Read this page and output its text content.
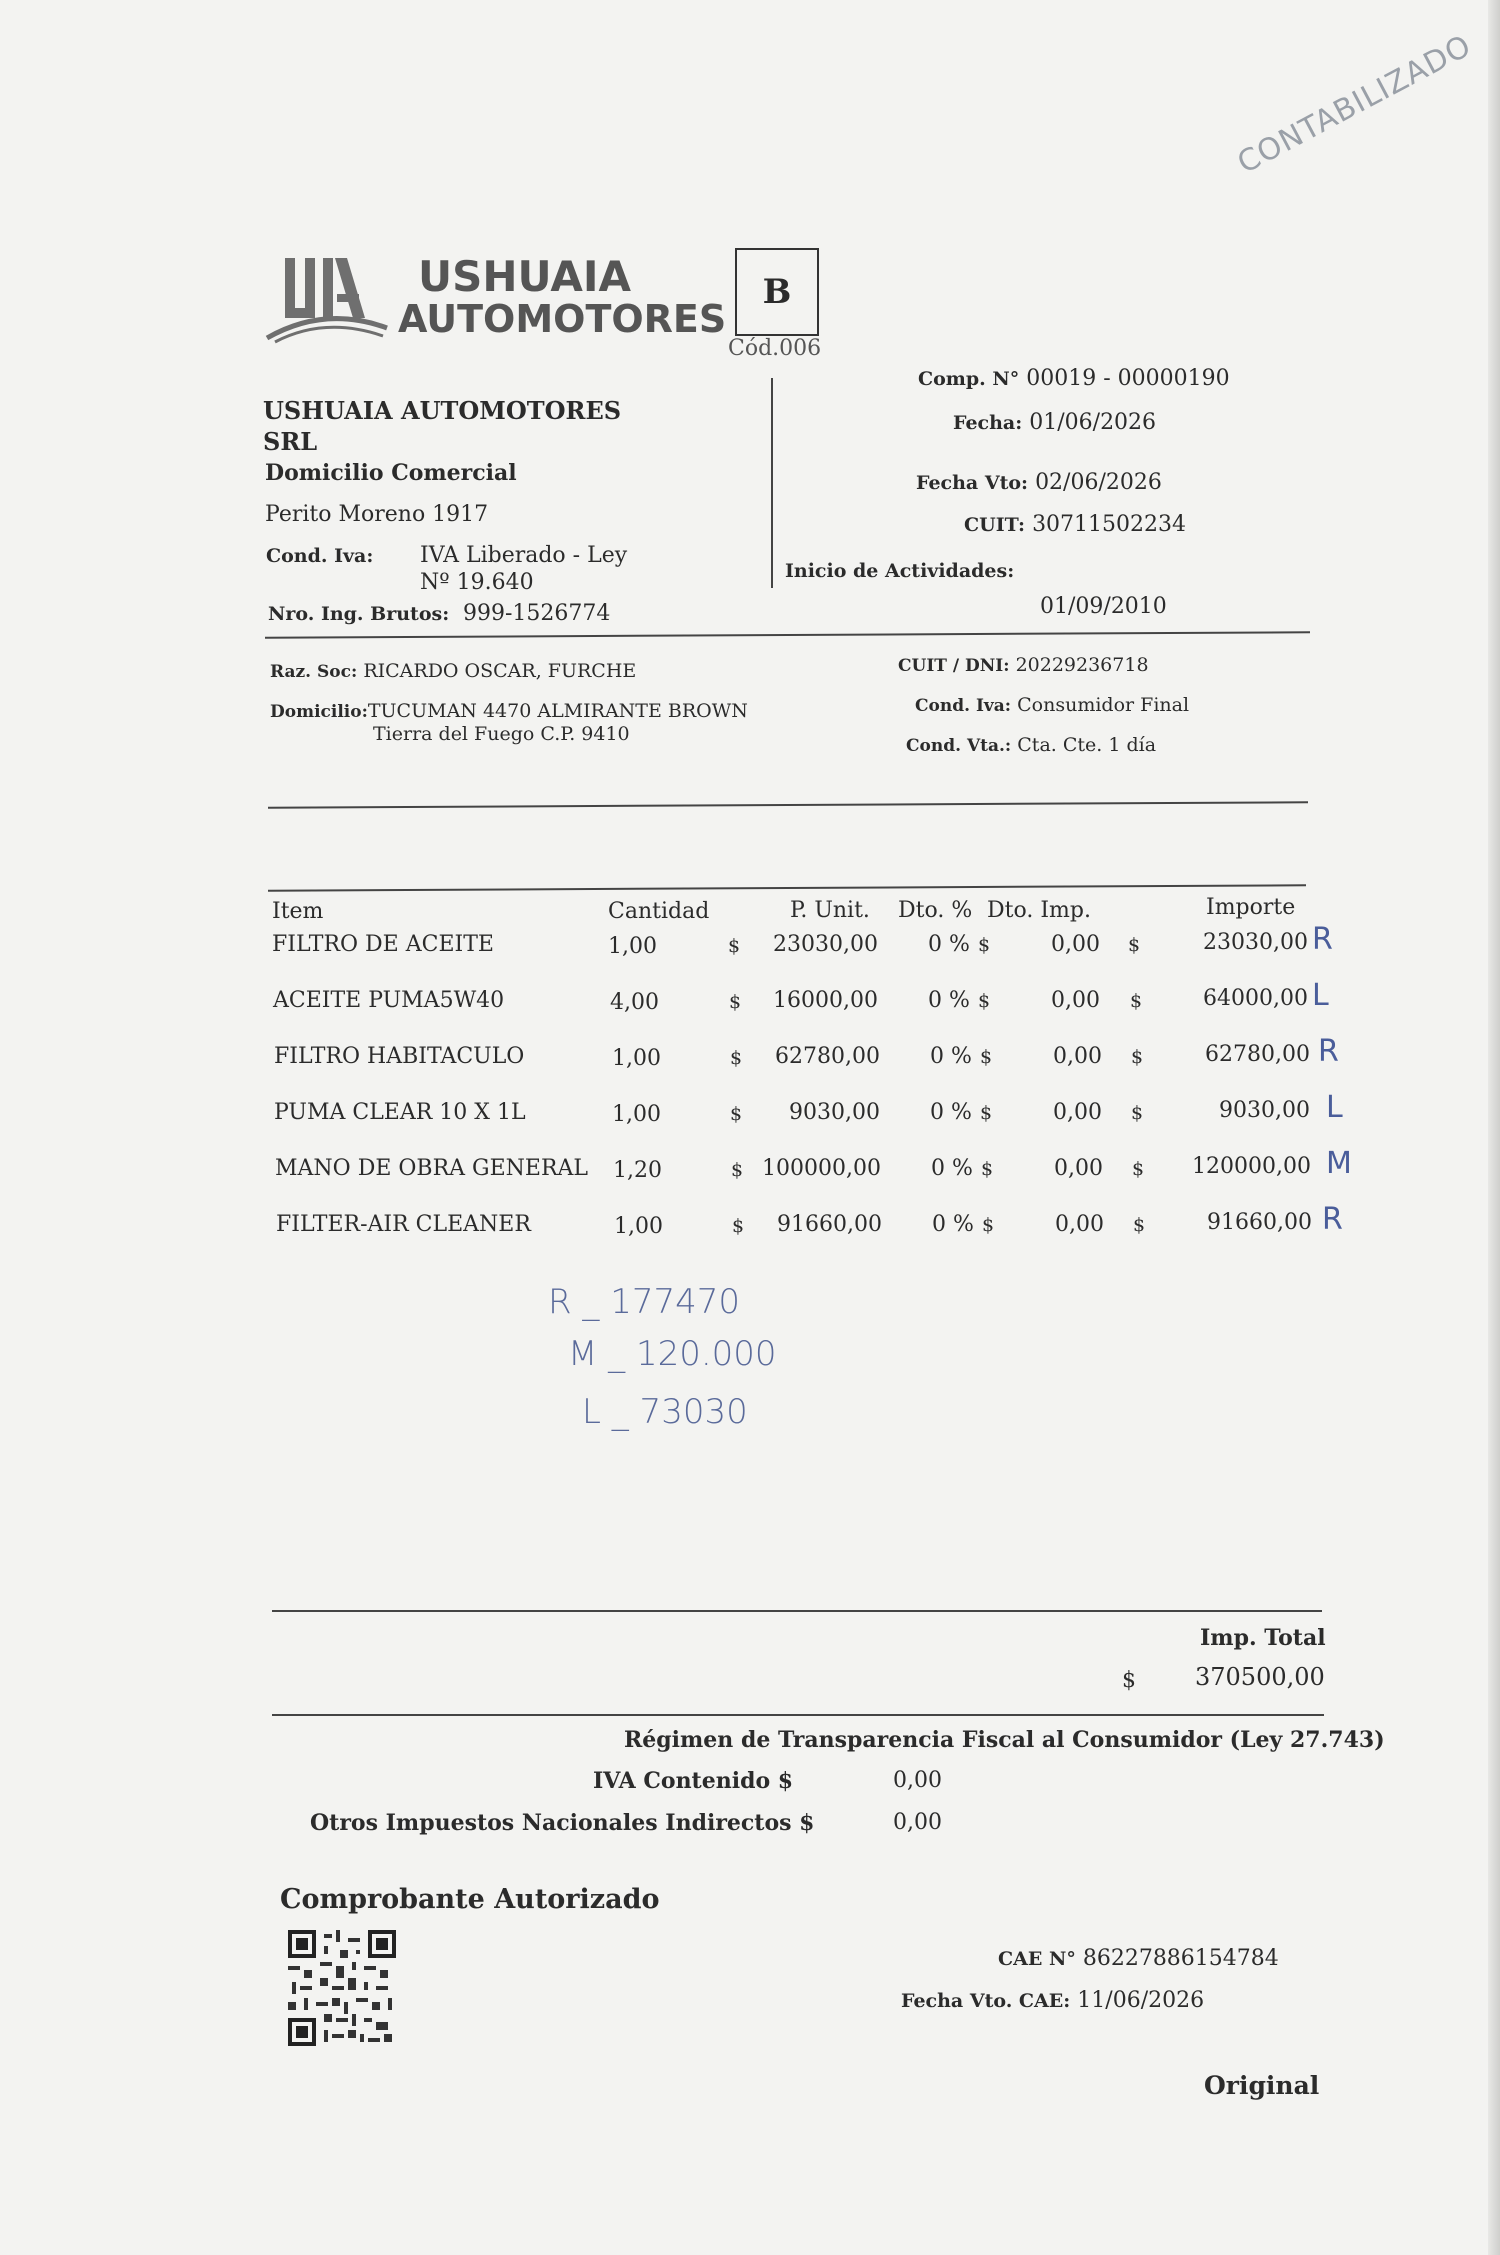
CONTABILIZADO
USHUAIA
AUTOMOTORES
B
Cód.006
USHUAIA AUTOMOTORES
SRL
Domicilio Comercial
Perito Moreno 1917
Cond. Iva: IVA Liberado - Ley
Nº 19.640
Nro. Ing. Brutos: 999-1526774
Comp. N° 00019 - 00000190
Fecha: 01/06/2026
Fecha Vto: 02/06/2026
CUIT: 30711502234
Inicio de Actividades:
01/09/2010
Raz. Soc: RICARDO OSCAR, FURCHE
Domicilio:TUCUMAN 4470 ALMIRANTE BROWN
Tierra del Fuego C.P. 9410
CUIT / DNI: 20229236718
Cond. Iva: Consumidor Final
Cond. Vta.: Cta. Cte. 1 día
Item	Cantidad	P. Unit. Dto. % Dto. Imp.	Importe
FILTRO DE ACEITE	1,00	$	23030,00 0 % $	0,00 $	23030,00 R
ACEITE PUMA5W40	4,00	$	16000,00 0 % $	0,00 $	64000,00 L
FILTRO HABITACULO	1,00	$	62780,00 0 % $	0,00 $	62780,00 R
PUMA CLEAR 10 X 1L	1,00	$	9030,00 0 % $	0,00 $	9030,00 L
MANO DE OBRA GENERAL 1,20	$ 100000,00 0 % $	0,00 $	120000,00 M
FILTER-AIR CLEANER	1,00	$	91660,00 0 % $	0,00 $	91660,00 R
R _ 177470
M _ 120.000
L _ 73030
Imp. Total
$ 370500,00
Régimen de Transparencia Fiscal al Consumidor (Ley 27.743)
IVA Contenido $	0,00
Otros Impuestos Nacionales Indirectos $	0,00
Comprobante Autorizado
CAE N° 86227886154784
Fecha Vto. CAE: 11/06/2026
Original
